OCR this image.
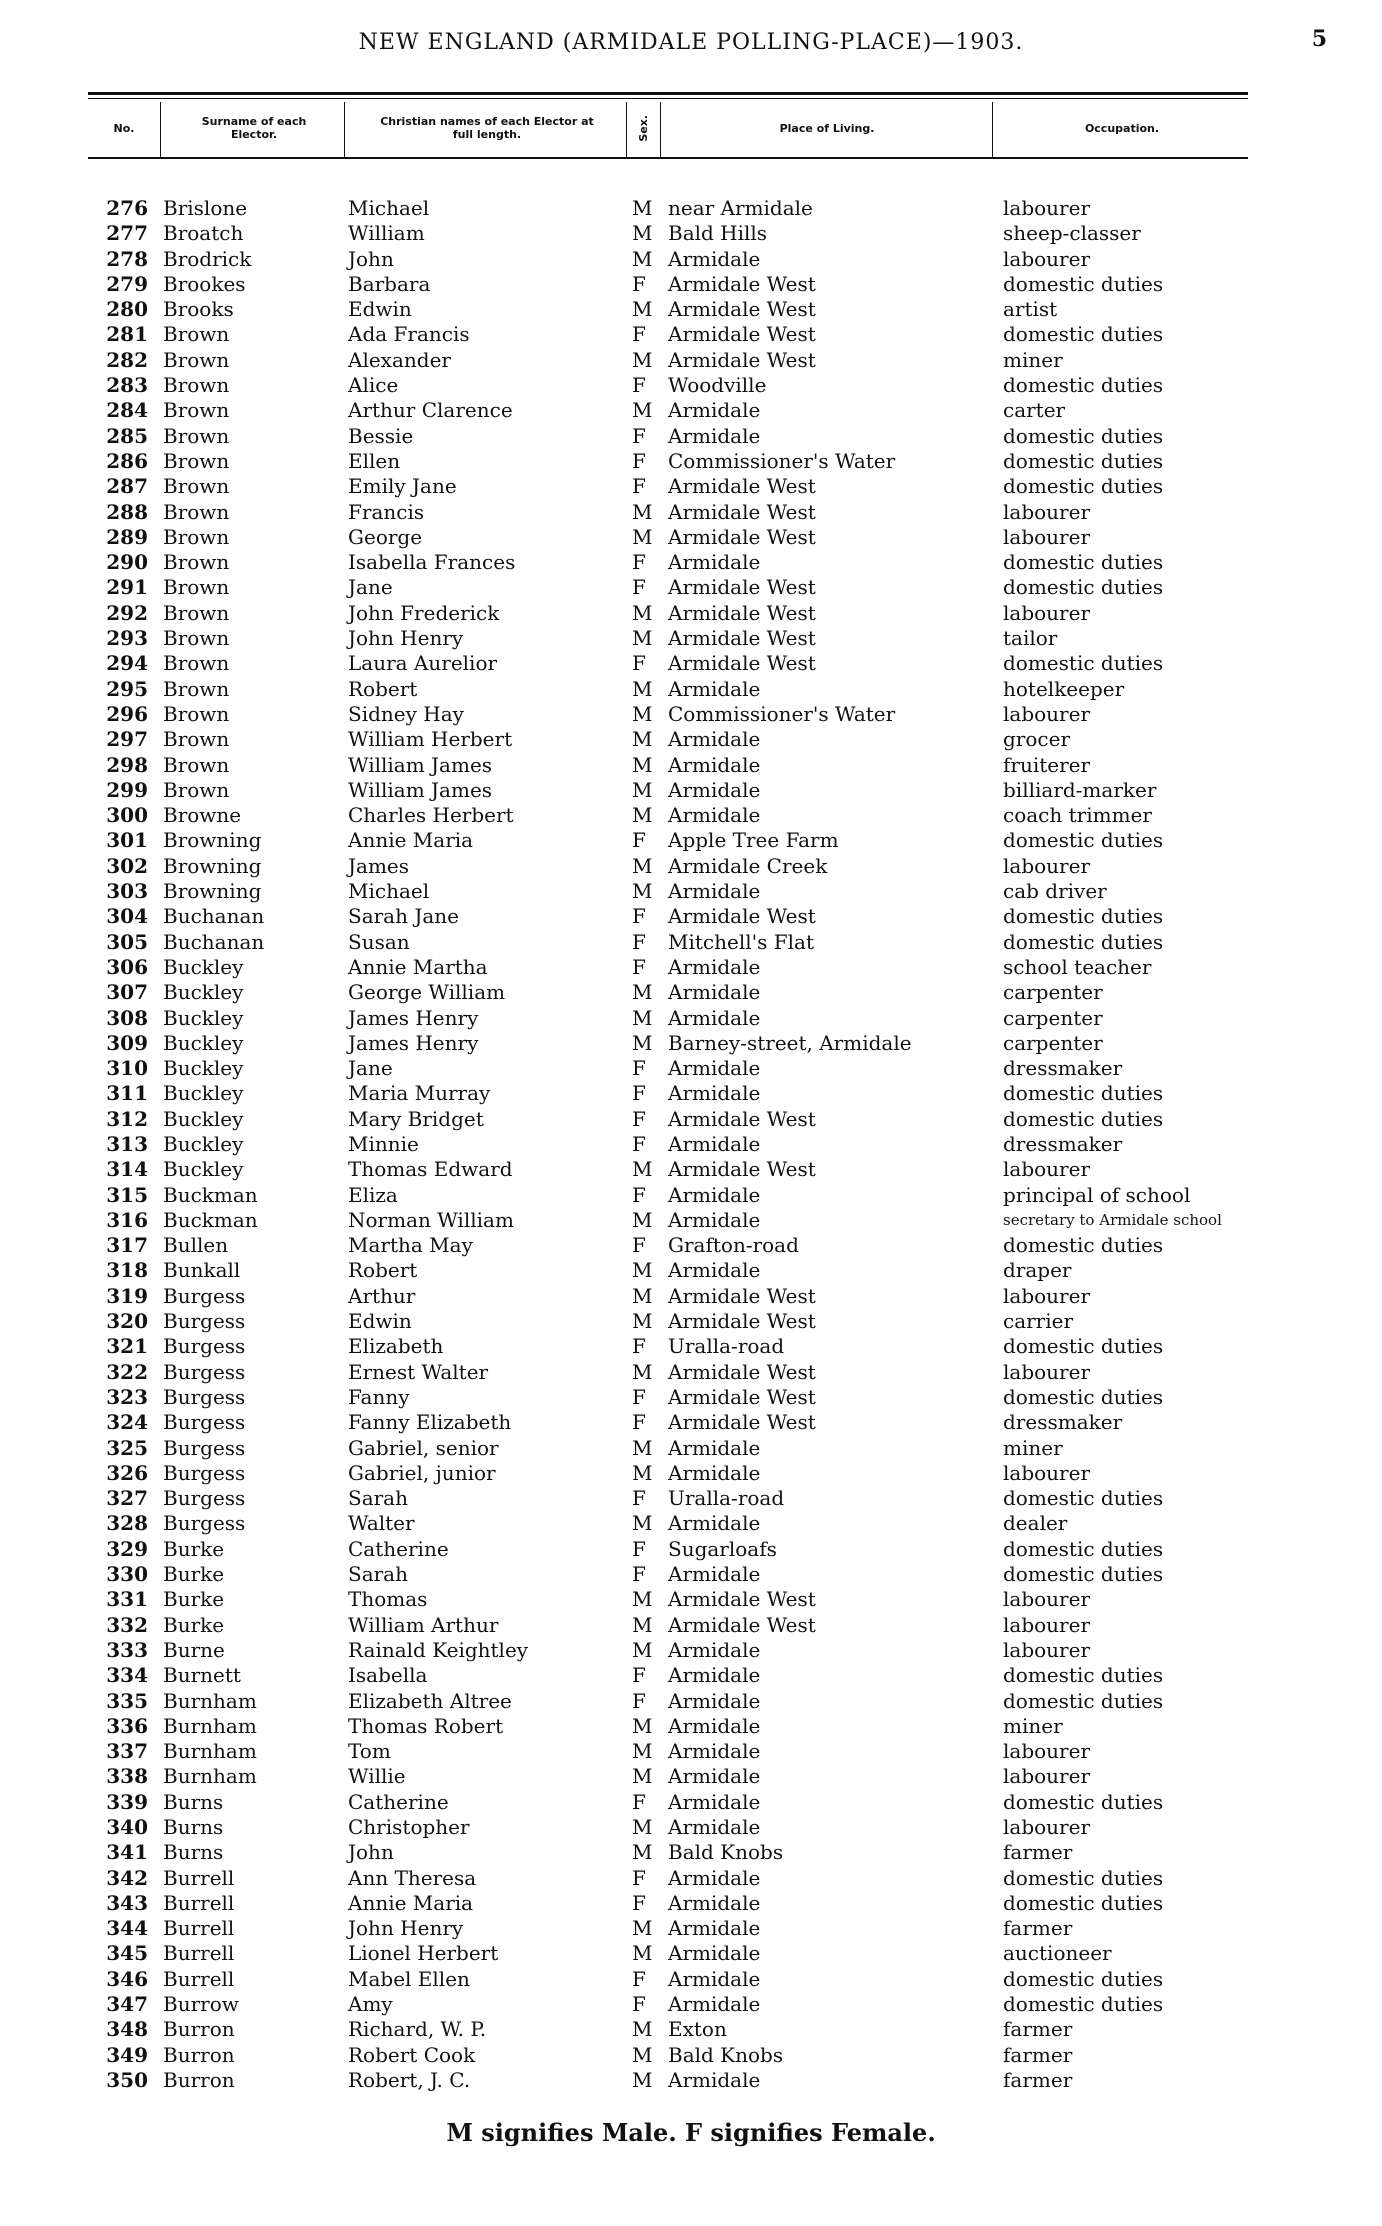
NEW ENGLAND (ARMIDALE POLLING-PLACE)—1903.	5
No.	Surname of each Elector.
Christian names of each Elector at full length.	Sex.	Place of Living.	Occupation.
276 Brislone	Michael	M near Armidale	labourer
277 Broatch	William	M Bald Hills	sheep-classer
278 Brodrick	John	M Armidale	labourer
279 Brookes	Barbara	F Armidale West	domestic duties
280 Brooks	Edwin	M Armidale West	artist
281 Brown	Ada Francis	F Armidale West	domestic duties
282 Brown	Alexander	M Armidale West	miner
283 Brown	Alice	F Woodville	domestic duties
284 Brown	Arthur Clarence	M Armidale	carter
285 Brown	Bessie	F Armidale	domestic duties
286 Brown	Ellen	F Commissioner's Water	domestic duties
287 Brown	Emily Jane	F Armidale West	domestic duties
288 Brown	Francis	M Armidale West	labourer
289 Brown	George	M Armidale West	labourer
290 Brown	Isabella Frances	F Armidale	domestic duties
291 Brown	Jane	F Armidale West	domestic duties
292 Brown	John Frederick	M Armidale West	labourer
293 Brown	John Henry	M Armidale West	tailor
294 Brown	Laura Aurelior	F Armidale West	domestic duties
295 Brown	Robert	M Armidale	hotelkeeper
296 Brown	Sidney Hay	M Commissioner's Water	labourer
297 Brown	William Herbert	M Armidale	grocer
298 Brown	William James	M Armidale	fruiterer
299 Brown	William James	M Armidale	billiard-marker
300 Browne	Charles Herbert	M Armidale	coach trimmer
301 Browning	Annie Maria	F Apple Tree Farm	domestic duties
302 Browning	James	M Armidale Creek	labourer
303 Browning	Michael	M Armidale	cab driver
304 Buchanan	Sarah Jane	F Armidale West	domestic duties
305 Buchanan	Susan	F Mitchell's Flat	domestic duties
306 Buckley	Annie Martha	F Armidale	school teacher
307 Buckley	George William	M Armidale	carpenter
308 Buckley	James Henry	M Armidale	carpenter
309 Buckley	James Henry	M Barney-street, Armidale	carpenter
310 Buckley	Jane	F Armidale	dressmaker
311 Buckley	Maria Murray	F Armidale	domestic duties
312 Buckley	Mary Bridget	F Armidale West	domestic duties
313 Buckley	Minnie	F Armidale	dressmaker
314 Buckley	Thomas Edward	M Armidale West	labourer
315 Buckman	Eliza	F Armidale	principal of school
316 Buckman	Norman William	M Armidale	secretary to Armidale school
317 Bullen	Martha May	F Grafton-road	domestic duties
318 Bunkall	Robert	M Armidale	draper
319 Burgess	Arthur	M Armidale West	labourer
320 Burgess	Edwin	M Armidale West	carrier
321 Burgess	Elizabeth	F Uralla-road	domestic duties
322 Burgess	Ernest Walter	M Armidale West	labourer
323 Burgess	Fanny	F Armidale West	domestic duties
324 Burgess	Fanny Elizabeth	F Armidale West	dressmaker
325 Burgess	Gabriel, senior	M Armidale	miner
326 Burgess	Gabriel, junior	M Armidale	labourer
327 Burgess	Sarah	F Uralla-road	domestic duties
328 Burgess	Walter	M Armidale	dealer
329 Burke	Catherine	F Sugarloafs	domestic duties
330 Burke	Sarah	F Armidale	domestic duties
331 Burke	Thomas	M Armidale West	labourer
332 Burke	William Arthur	M Armidale West	labourer
333 Burne	Rainald Keightley	M Armidale	labourer
334 Burnett	Isabella	F Armidale	domestic duties
335 Burnham	Elizabeth Altree	F Armidale	domestic duties
336 Burnham	Thomas Robert	M Armidale	miner
337 Burnham	Tom	M Armidale	labourer
338 Burnham	Willie	M Armidale	labourer
339 Burns	Catherine	F Armidale	domestic duties
340 Burns	Christopher	M Armidale	labourer
341 Burns	John	M Bald Knobs	farmer
342 Burrell	Ann Theresa	F Armidale	domestic duties
343 Burrell	Annie Maria	F Armidale	domestic duties
344 Burrell	John Henry	M Armidale	farmer
345 Burrell	Lionel Herbert	M Armidale	auctioneer
346 Burrell	Mabel Ellen	F Armidale	domestic duties
347 Burrow	Amy	F Armidale	domestic duties
348 Burron	Richard, W. P.	M Exton	farmer
349 Burron	Robert Cook	M Bald Knobs	farmer
350 Burron	Robert, J. C.	M Armidale	farmer
M signifies Male. F signifies Female.
